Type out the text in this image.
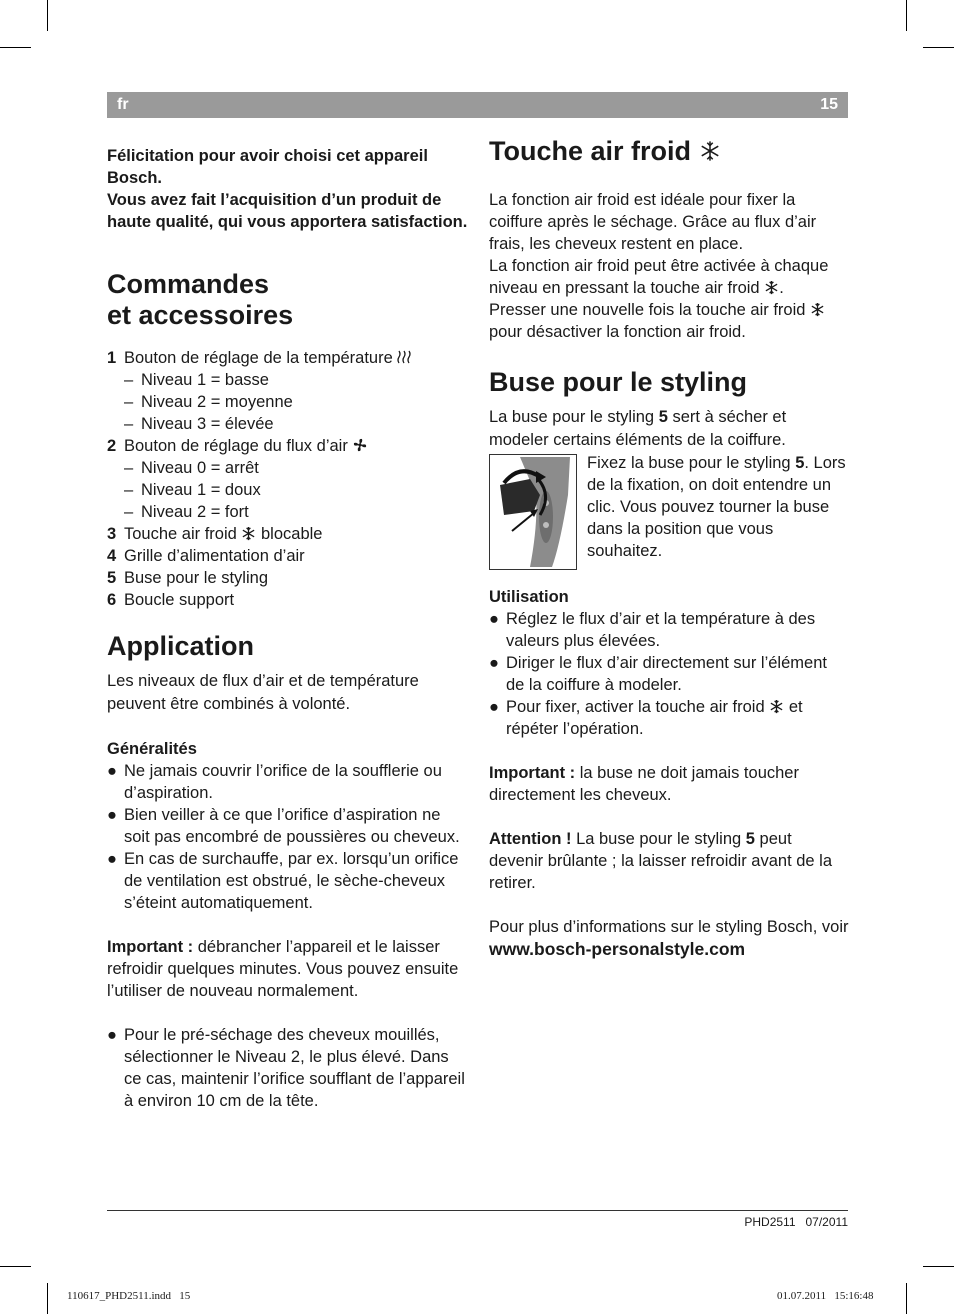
fr	15

Félicitation pour avoir choisi cet appareil Bosch.

Vous avez fait l’acquisition d’un produit de haute qualité, qui vous apportera satisfaction.

Commandes
et accessoires
1 Bouton de réglage de la température
– Niveau 1 = basse
– Niveau 2 = moyenne
– Niveau 3 = élevée
2 Bouton de réglage du flux d’air
– Niveau 0 = arrêt
– Niveau 1 = doux
– Niveau 2 = fort
3 Touche air froid blocable
4 Grille d’alimentation d’air
5 Buse pour le styling
6 Boucle support
Application

Les niveaux de flux d’air et de température peuvent être combinés à volonté.

Généralités
● Ne jamais couvrir l’orifice de la soufflerie ou d’aspiration.
● Bien veiller à ce que l’orifice d’aspiration ne soit pas encombré de poussières ou cheveux.
● En cas de surchauffe, par ex. lorsqu’un orifice de ventilation est obstrué, le sèche-cheveux s’éteint automatiquement.

Important : débrancher l’appareil et le laisser refroidir quelques minutes. Vous pouvez ensuite l’utiliser de nouveau normalement.

● Pour le pré-séchage des cheveux mouillés, sélectionner le Niveau 2, le plus élevé. Dans ce cas, maintenir l’orifice soufflant de l’appareil à environ 10 cm de la tête.
Touche air froid

La fonction air froid est idéale pour fixer la coiffure après le séchage. Grâce au flux d’air frais, les cheveux restent en place.

La fonction air froid peut être activée à chaque niveau en pressant la touche air froid .

Presser une nouvelle fois la touche air froid  pour désactiver la fonction air froid.

Buse pour le styling

La buse pour le styling 5 sert à sécher et modeler certains éléments de la coiffure.

Fixez la buse pour le styling 5. Lors de la fixation, on doit entendre un clic. Vous pouvez tourner la buse dans la position que vous souhaitez.
Utilisation
● Réglez le flux d’air et la température à des valeurs plus élevées.
● Diriger le flux d’air directement sur l’élément de la coiffure à modeler.
● Pour fixer, activer la touche air froid et répéter l’opération.

Important : la buse ne doit jamais toucher directement les cheveux.

Attention ! La buse pour le styling 5 peut devenir brûlante ; la laisser refroidir avant de la retirer.

Pour plus d’informations sur le styling Bosch, voir

www.bosch-personalstyle.com

PHD2511   07/2011
110617_PHD2511.indd   15	01.07.2011   15:16:48
